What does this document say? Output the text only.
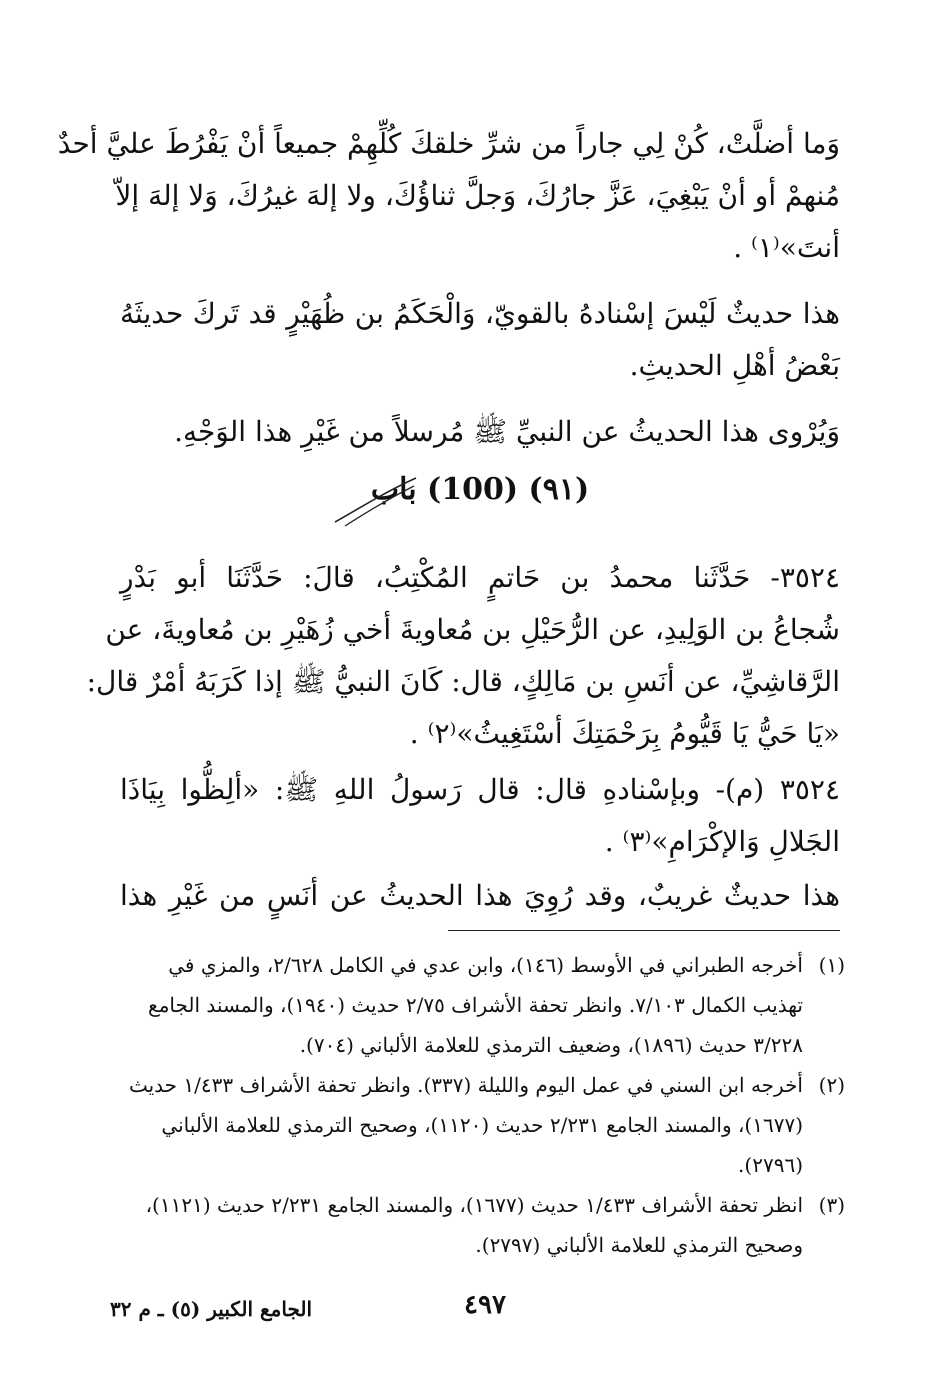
وَما أضلَّتْ، كُنْ لِي جاراً من شرِّ خلقكَ كُلِّهِمْ جميعاً أنْ يَفْرُطَ عليَّ أحدٌ
مُنهمْ أو أنْ يَبْغِيَ، عَزَّ جارُكَ، وَجلَّ ثناؤُكَ، ولا إلهَ غيرُكَ، وَلا إلهَ إلاّ
أنتَ»⁽١⁾ .
هذا حديثٌ لَيْسَ إسْنادهُ بالقويّ، وَالْحَكَمُ بن ظُهَيْرٍ قد تَركَ حديثَهُ
بَعْضُ أهْلِ الحديثِ.
وَيُرْوى هذا الحديثُ عن النبيِّ ﷺ مُرسلاً من غَيْرِ هذا الوَجْهِ.
(٩١) (100) باب
٣٥٢٤- حَدَّثَنا محمدُ بن حَاتمٍ المُكْتِبُ، قالَ: حَدَّثَنَا أبو بَدْرٍ
شُجاعُ بن الوَلِيدِ، عن الرُّحَيْلِ بن مُعاويةَ أخي زُهَيْرِ بن مُعاويةَ، عن
الرَّقاشِيِّ، عن أنَسِ بن مَالِكٍ، قال: كَانَ النبيُّ ﷺ إذا كَرَبَهُ أمْرٌ قال:
«يَا حَيُّ يَا قَيُّومُ بِرَحْمَتِكَ أسْتَغِيثُ»⁽٢⁾ .
٣٥٢٤ (م)- وبإسْنادهِ قال: قال رَسولُ اللهِ ﷺ: «ألِظُّوا بِيَاذَا
الجَلالِ وَالإكْرَامِ»⁽٣⁾ .
هذا حديثٌ غريبٌ، وقد رُوِيَ هذا الحديثُ عن أنَسٍ من غَيْرِ هذا
(١)
أخرجه الطبراني في الأوسط (١٤٦)، وابن عدي في الكامل ٢/٦٢٨، والمزي في تهذيب الكمال ٧/١٠٣. وانظر تحفة الأشراف ٢/٧٥ حديث (١٩٤٠)، والمسند الجامع ٣/٢٢٨ حديث (١٨٩٦)، وضعيف الترمذي للعلامة الألباني (٧٠٤).
(٢)
أخرجه ابن السني في عمل اليوم والليلة (٣٣٧). وانظر تحفة الأشراف ١/٤٣٣ حديث (١٦٧٧)، والمسند الجامع ٢/٢٣١ حديث (١١٢٠)، وصحيح الترمذي للعلامة الألباني (٢٧٩٦).
(٣)
انظر تحفة الأشراف ١/٤٣٣ حديث (١٦٧٧)، والمسند الجامع ٢/٢٣١ حديث (١١٢١)، وصحيح الترمذي للعلامة الألباني (٢٧٩٧).
٤٩٧
الجامع الكبير (٥) ـ م ٣٢
